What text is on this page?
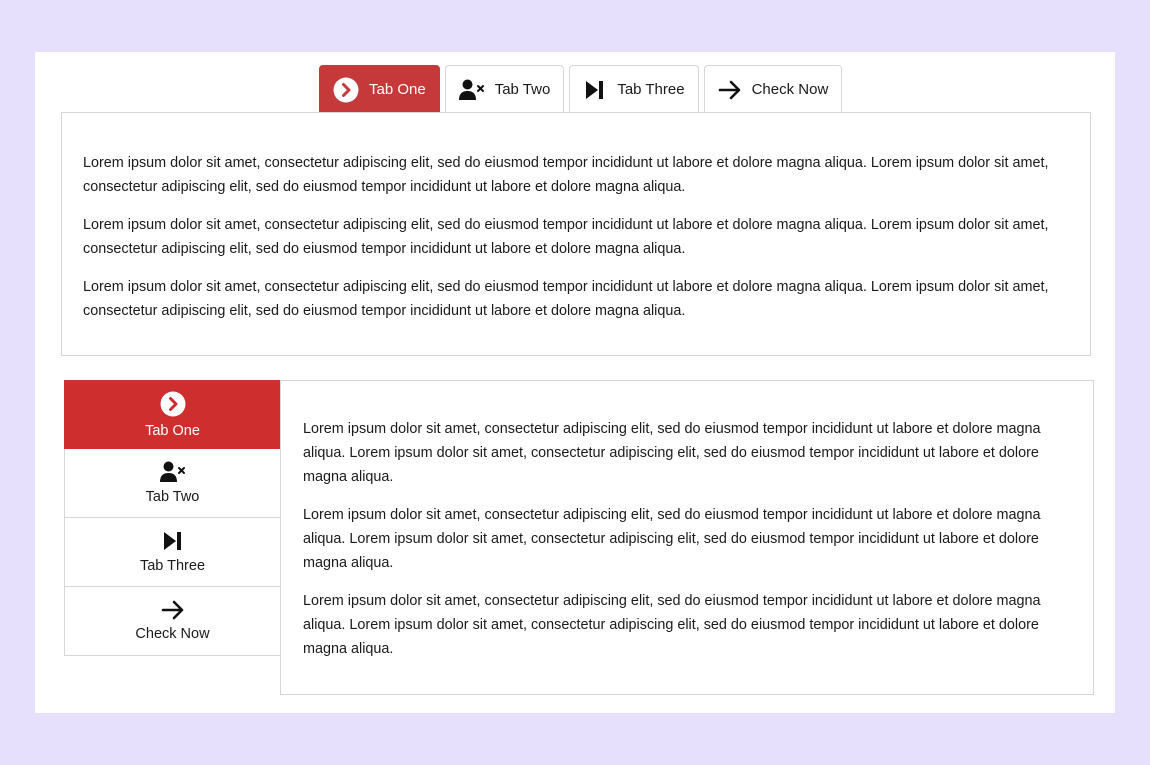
Tab One	Tab Two	Tab Three	Check Now

Lorem ipsum dolor sit amet, consectetur adipiscing elit, sed do eiusmod tempor incididunt ut labore et dolore magna aliqua. Lorem ipsum dolor sit amet, consectetur adipiscing elit, sed do eiusmod tempor incididunt ut labore et dolore magna aliqua.

Lorem ipsum dolor sit amet, consectetur adipiscing elit, sed do eiusmod tempor incididunt ut labore et dolore magna aliqua. Lorem ipsum dolor sit amet, consectetur adipiscing elit, sed do eiusmod tempor incididunt ut labore et dolore magna aliqua.

Lorem ipsum dolor sit amet, consectetur adipiscing elit, sed do eiusmod tempor incididunt ut labore et dolore magna aliqua. Lorem ipsum dolor sit amet, consectetur adipiscing elit, sed do eiusmod tempor incididunt ut labore et dolore magna aliqua.

Tab One
Tab Two
Tab Three
Check Now

Lorem ipsum dolor sit amet, consectetur adipiscing elit, sed do eiusmod tempor incididunt ut labore et dolore magna aliqua. Lorem ipsum dolor sit amet, consectetur adipiscing elit, sed do eiusmod tempor incididunt ut labore et dolore magna aliqua.

Lorem ipsum dolor sit amet, consectetur adipiscing elit, sed do eiusmod tempor incididunt ut labore et dolore magna aliqua. Lorem ipsum dolor sit amet, consectetur adipiscing elit, sed do eiusmod tempor incididunt ut labore et dolore magna aliqua.

Lorem ipsum dolor sit amet, consectetur adipiscing elit, sed do eiusmod tempor incididunt ut labore et dolore magna aliqua. Lorem ipsum dolor sit amet, consectetur adipiscing elit, sed do eiusmod tempor incididunt ut labore et dolore magna aliqua.
